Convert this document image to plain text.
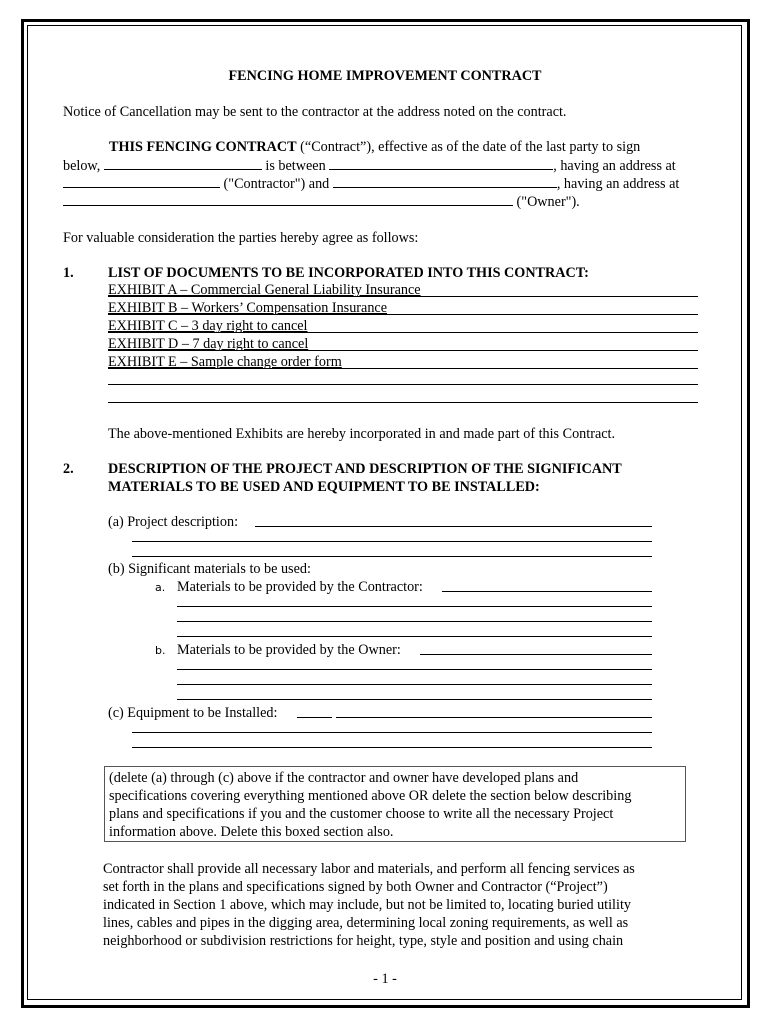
FENCING HOME IMPROVEMENT CONTRACT
Notice of Cancellation may be sent to the contractor at the address noted on the contract.
THIS FENCING CONTRACT (“Contract”), effective as of the date of the last party to sign
below,	is between	, having an address at
("Contractor") and	, having an address at
("Owner").
For valuable consideration the parties hereby agree as follows:
1. LIST OF DOCUMENTS TO BE INCORPORATED INTO THIS CONTRACT:
EXHIBIT A – Commercial General Liability Insurance
EXHIBIT B – Workers’ Compensation Insurance
EXHIBIT C – 3 day right to cancel
EXHIBIT D – 7 day right to cancel
EXHIBIT E – Sample change order form
The above-mentioned Exhibits are hereby incorporated in and made part of this Contract.
2. DESCRIPTION OF THE PROJECT AND DESCRIPTION OF THE SIGNIFICANT
MATERIALS TO BE USED AND EQUIPMENT TO BE INSTALLED:
(a) Project description:
(b) Significant materials to be used:
a. Materials to be provided by the Contractor:
b. Materials to be provided by the Owner:
(c) Equipment to be Installed:
(delete (a) through (c) above if the contractor and owner have developed plans and
specifications covering everything mentioned above OR delete the section below describing
plans and specifications if you and the customer choose to write all the necessary Project
information above. Delete this boxed section also.
Contractor shall provide all necessary labor and materials, and perform all fencing services as
set forth in the plans and specifications signed by both Owner and Contractor (“Project”)
indicated in Section 1 above, which may include, but not be limited to, locating buried utility
lines, cables and pipes in the digging area, determining local zoning requirements, as well as
neighborhood or subdivision restrictions for height, type, style and position and using chain
- 1 -
